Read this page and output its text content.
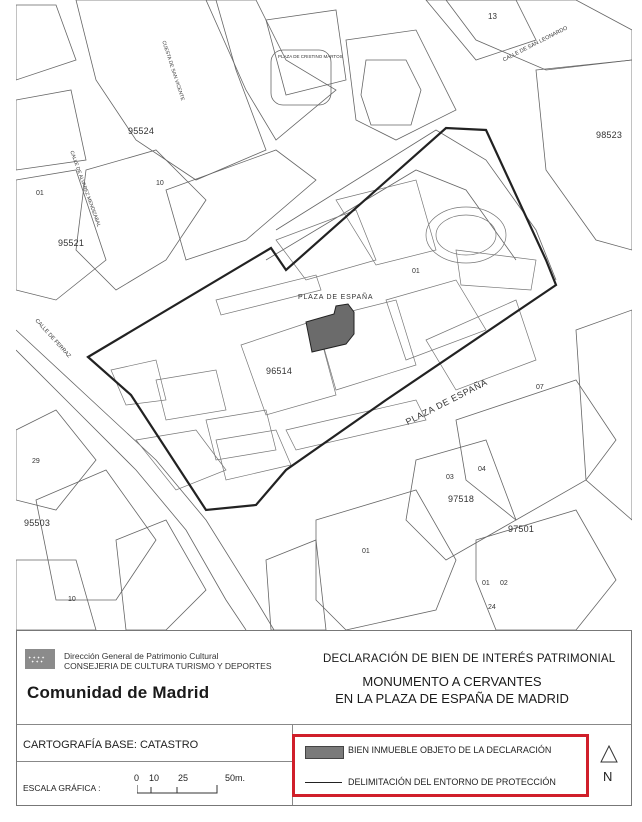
13
95524
95521
98523
96514
97518
97501
95503
01
01
01
01
29
10
10
04
03
02
07
24
PLAZA DE ESPAÑA
PLAZA DE ESPAÑA
CALLE DE SAN LEONARDO
CALLE DE FERRAZ
CALLE DE ALVAREZ MENDIZABAL
CUESTA DE SAN VICENTE	PLAZA DE CRISTINO MARTOS
✦ ✦ ✦ ✦
✦ ✦ ✦
Dirección General de Patrimonio Cultural
CONSEJERIA DE CULTURA TURISMO Y DEPORTES
Comunidad de Madrid
DECLARACIÓN DE BIEN DE INTERÉS PATRIMONIAL
MONUMENTO A CERVANTES
EN LA PLAZA DE ESPAÑA DE MADRID
CARTOGRAFÍA BASE: CATASTRO
ESCALA GRÁFICA :
0 10 25	50m.
BIEN INMUEBLE OBJETO DE LA DECLARACIÓN
DELIMITACIÓN DEL ENTORNO DE PROTECCIÓN	N
